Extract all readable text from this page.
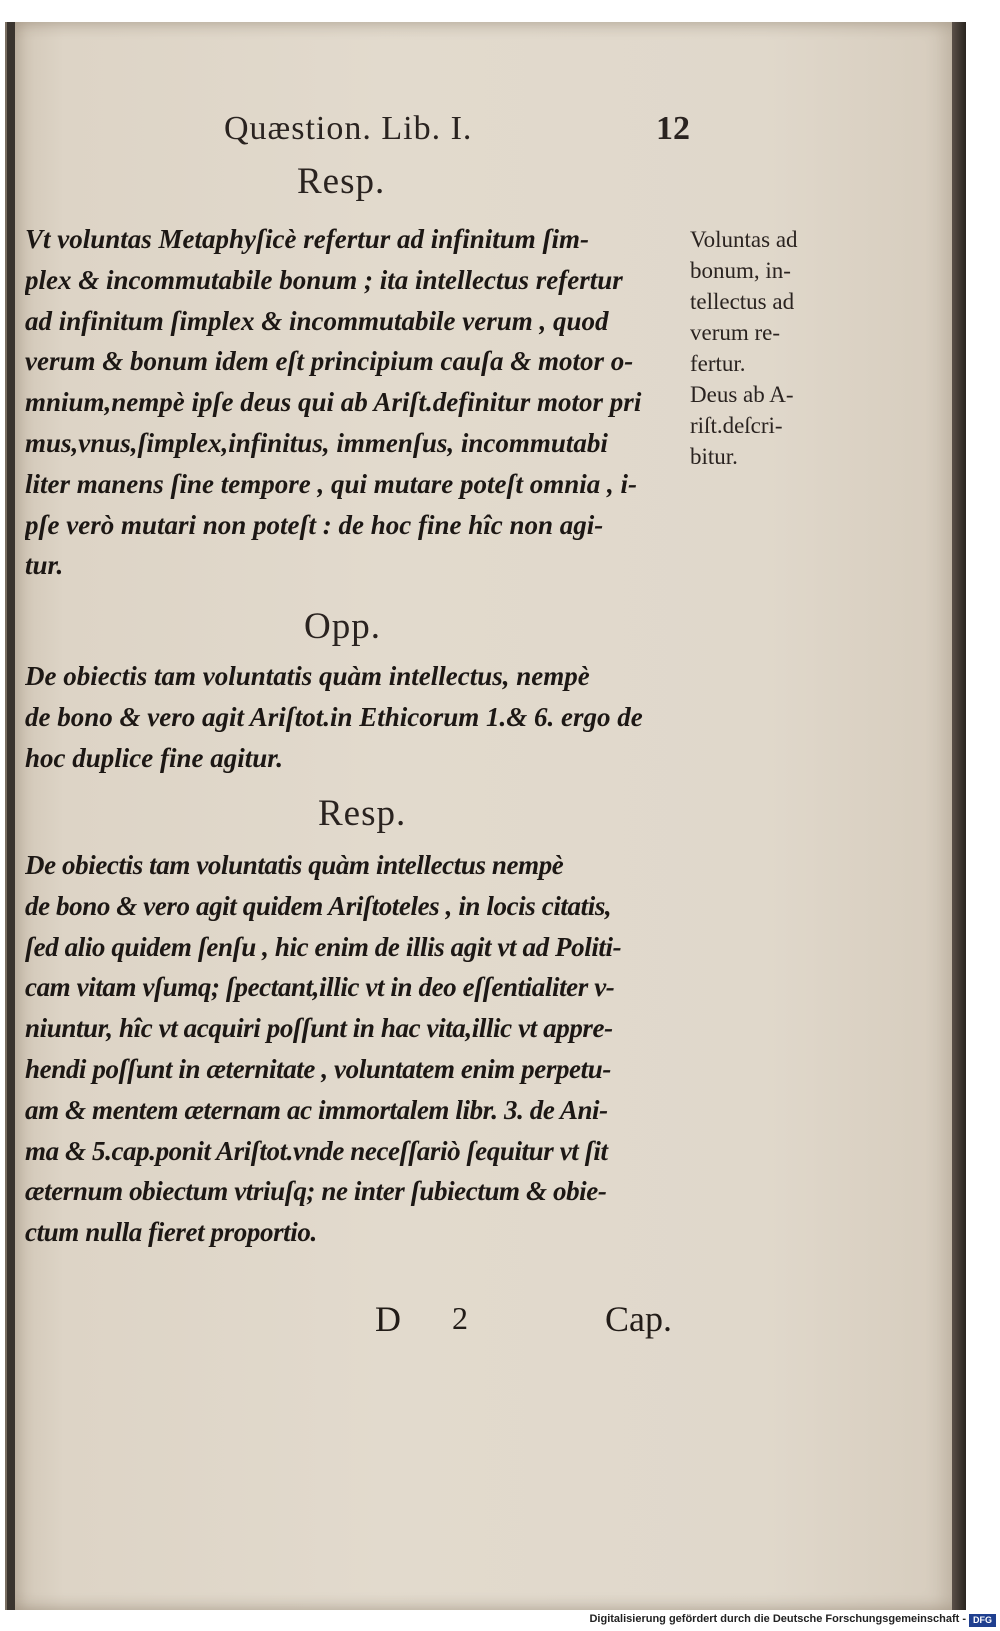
Quæstion. Lib. I.	12
Resp.
Vt voluntas Metaphyſicè refertur ad infinitum ſim-
plex & incommutabile bonum ; ita intellectus refertur
ad infinitum ſimplex & incommutabile verum , quod
verum & bonum idem eſt principium cauſa & motor o-
mnium,nempè ipſe deus qui ab Ariſt.definitur motor pri
mus,vnus,ſimplex,infinitus, immenſus, incommutabi
liter manens ſine tempore , qui mutare poteſt omnia , i-
pſe verò mutari non poteſt : de hoc fine hîc non agi-
tur.
Voluntas ad
bonum, in-
tellectus ad
verum re-
fertur.
Deus ab A-
riſt.deſcri-
bitur.
Opp.
De obiectis tam voluntatis quàm intellectus, nempè
de bono & vero agit Ariſtot.in Ethicorum 1.& 6. ergo de
hoc duplice fine agitur.
Resp.
De obiectis tam voluntatis quàm intellectus nempè
de bono & vero agit quidem Ariſtoteles , in locis citatis,
ſed alio quidem ſenſu , hic enim de illis agit vt ad Politi-
cam vitam vſumq; ſpectant,illic vt in deo eſſentialiter v-
niuntur, hîc vt acquiri poſſunt in hac vita,illic vt appre-
hendi poſſunt in æternitate , voluntatem enim perpetu-
am & mentem æternam ac immortalem libr. 3. de Ani-
ma & 5.cap.ponit Ariſtot.vnde neceſſariò ſequitur vt ſit
æternum obiectum vtriuſq; ne inter ſubiectum & obie-
ctum nulla fieret proportio.
D 2	Cap.
Digitalisierung gefördert durch die Deutsche Forschungsgemeinschaft - DFG
